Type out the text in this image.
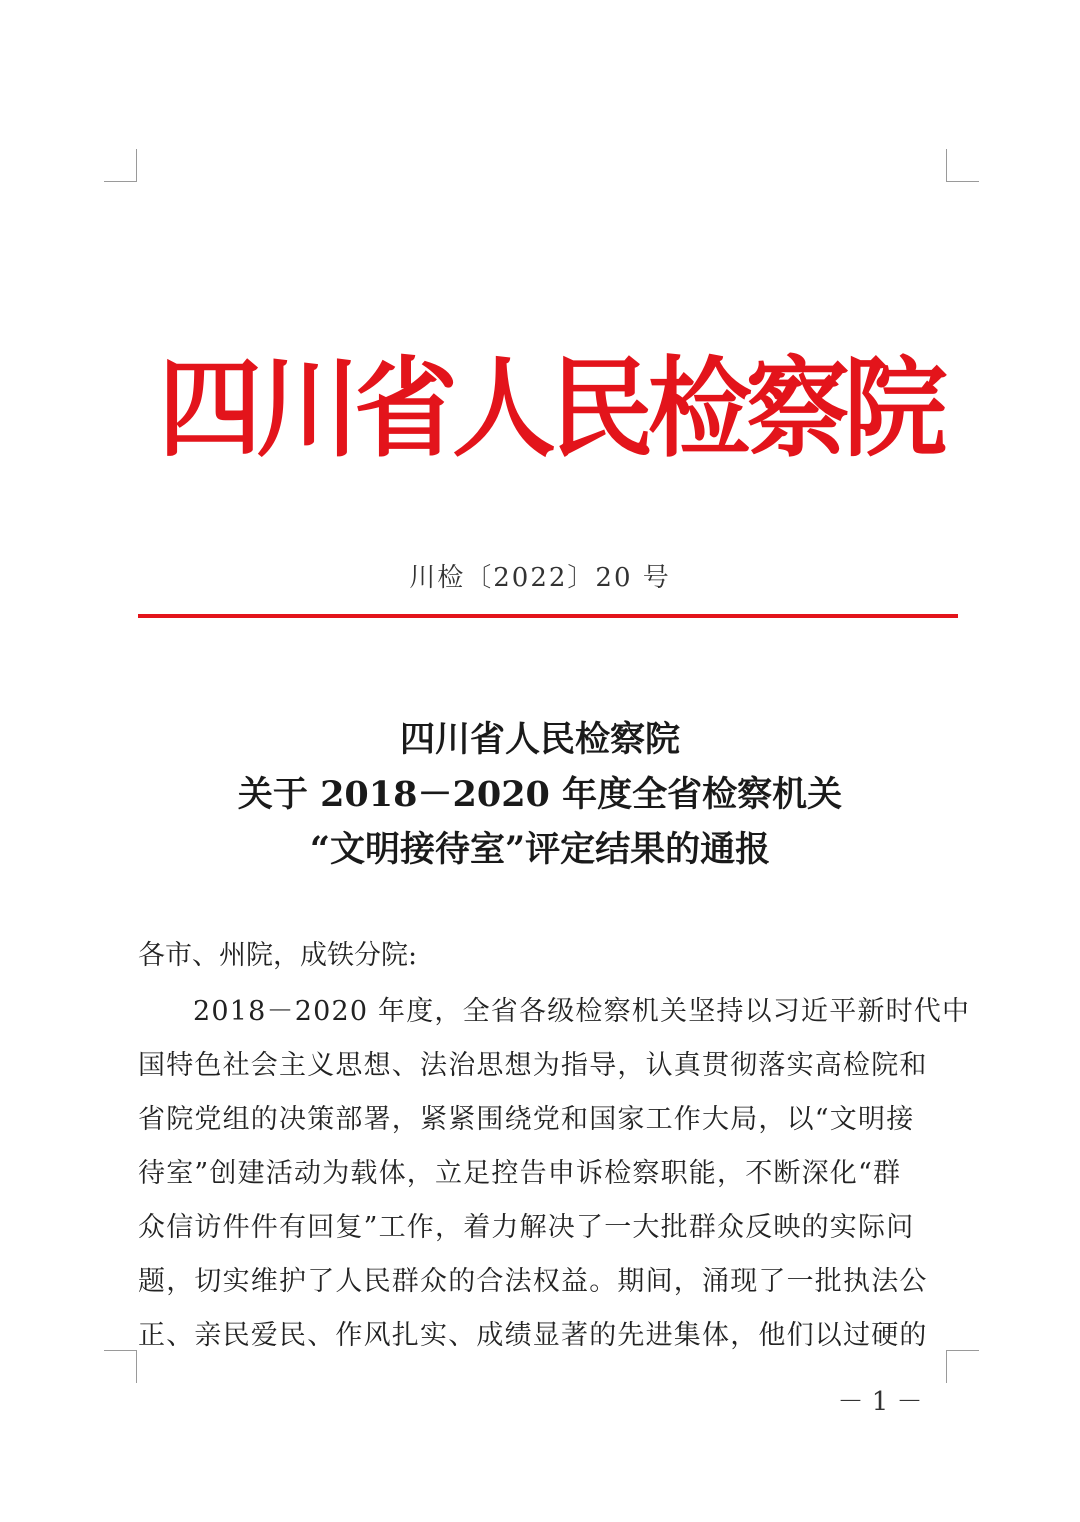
四川省人民检察院
川检〔2022〕20 号
四川省人民检察院
关于 2018－2020 年度全省检察机关
“文明接待室”评定结果的通报
各市、州院，成铁分院:
2018－2020 年度，全省各级检察机关坚持以习近平新时代中
国特色社会主义思想、法治思想为指导，认真贯彻落实高检院和
省院党组的决策部署，紧紧围绕党和国家工作大局，以“文明接
待室”创建活动为载体，立足控告申诉检察职能，不断深化“群
众信访件件有回复”工作，着力解决了一大批群众反映的实际问
题，切实维护了人民群众的合法权益。期间，涌现了一批执法公
正、亲民爱民、作风扎实、成绩显著的先进集体，他们以过硬的
－ 1 －
